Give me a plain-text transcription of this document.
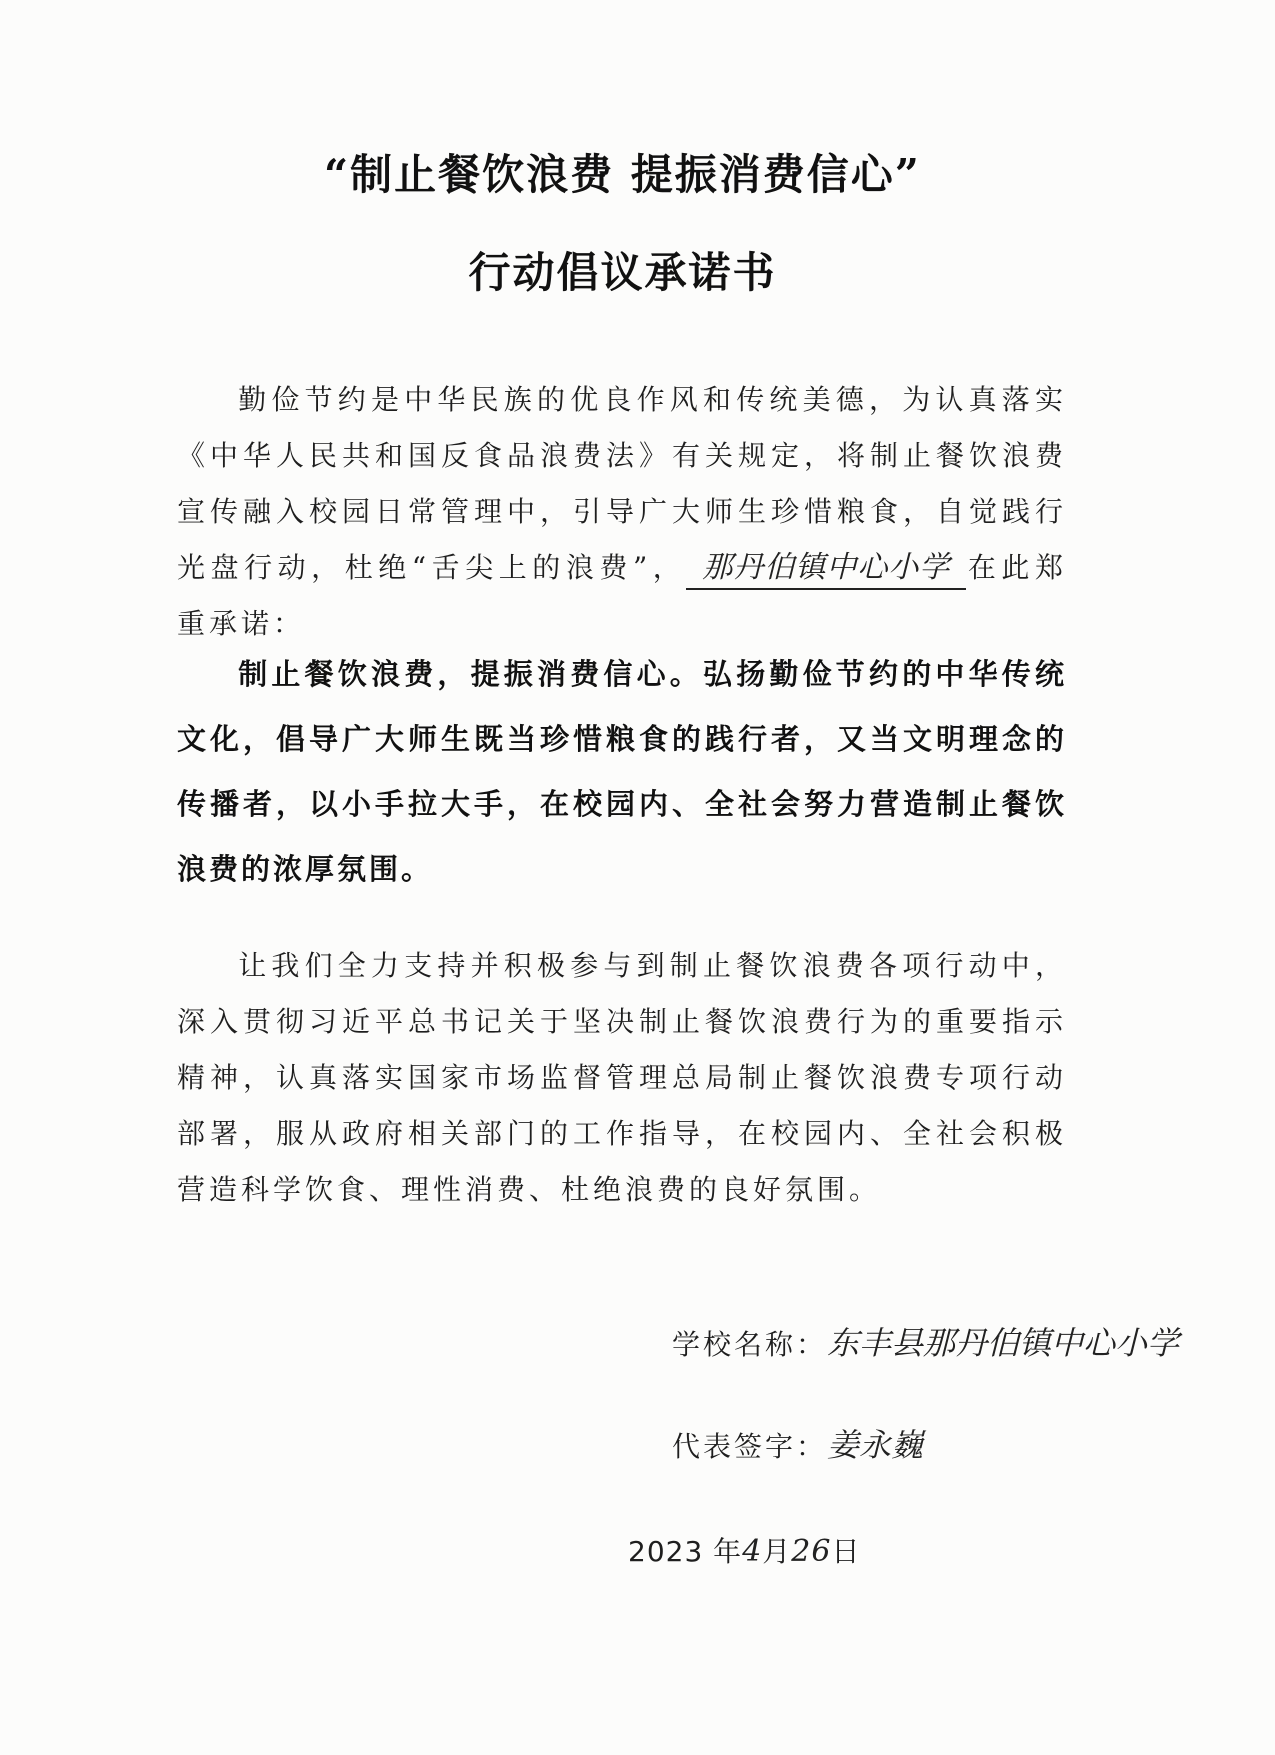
“制止餐饮浪费 提振消费信心”
行动倡议承诺书
勤俭节约是中华民族的优良作风和传统美德，为认真落实《中华人民共和国反食品浪费法》有关规定，将制止餐饮浪费宣传融入校园日常管理中，引导广大师生珍惜粮食，自觉践行光盘行动，杜绝“舌尖上的浪费”， 那丹伯镇中心小学 在此郑重承诺：
制止餐饮浪费，提振消费信心。弘扬勤俭节约的中华传统文化，倡导广大师生既当珍惜粮食的践行者，又当文明理念的传播者，以小手拉大手，在校园内、全社会努力营造制止餐饮浪费的浓厚氛围。
让我们全力支持并积极参与到制止餐饮浪费各项行动中，深入贯彻习近平总书记关于坚决制止餐饮浪费行为的重要指示精神，认真落实国家市场监督管理总局制止餐饮浪费专项行动部署，服从政府相关部门的工作指导，在校园内、全社会积极营造科学饮食、理性消费、杜绝浪费的良好氛围。
学校名称：东丰县那丹伯镇中心小学
代表签字：姜永巍
2023 年4月26日
